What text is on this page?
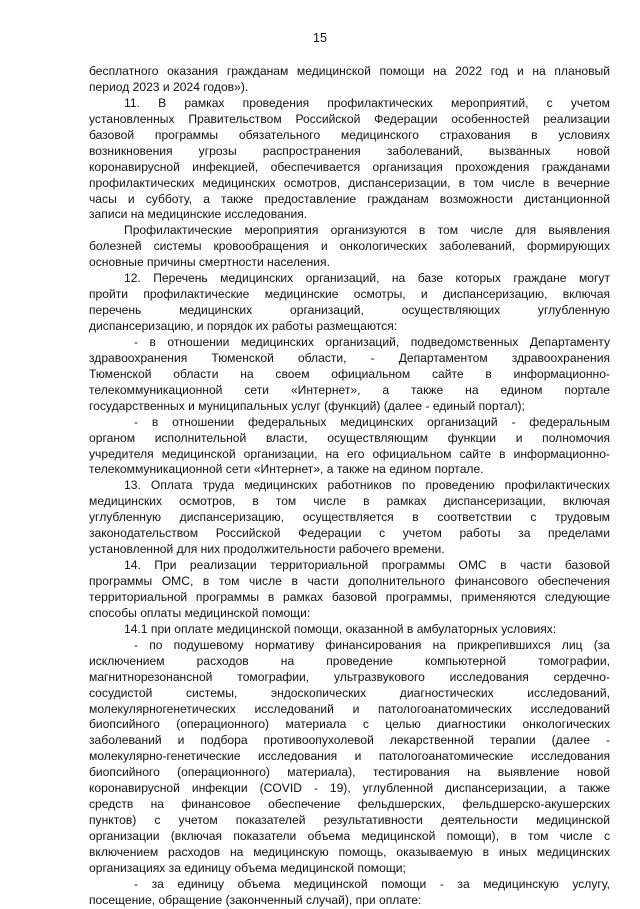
15
бесплатного оказания гражданам медицинской помощи на 2022 год и на плановый
период 2023 и 2024 годов»).
11. В рамках проведения профилактических мероприятий, с учетом
установленных Правительством Российской Федерации особенностей реализации
базовой программы обязательного медицинского страхования в условиях
возникновения угрозы распространения заболеваний, вызванных новой
коронавирусной инфекцией, обеспечивается организация прохождения гражданами
профилактических медицинских осмотров, диспансеризации, в том числе в вечерние
часы и субботу, а также предоставление гражданам возможности дистанционной
записи на медицинские исследования.
Профилактические мероприятия организуются в том числе для выявления
болезней системы кровообращения и онкологических заболеваний, формирующих
основные причины смертности населения.
12. Перечень медицинских организаций, на базе которых граждане могут
пройти профилактические медицинские осмотры, и диспансеризацию, включая
перечень медицинских организаций, осуществляющих углубленную
диспансеризацию, и порядок их работы размещаются:
- в отношении медицинских организаций, подведомственных Департаменту
здравоохранения Тюменской области, - Департаментом здравоохранения
Тюменской области на своем официальном сайте в информационно-
телекоммуникационной сети «Интернет», а также на едином портале
государственных и муниципальных услуг (функций) (далее - единый портал);
- в отношении федеральных медицинских организаций - федеральным
органом исполнительной власти, осуществляющим функции и полномочия
учредителя медицинской организации, на его официальном сайте в информационно-
телекоммуникационной сети «Интернет», а также на едином портале.
13. Оплата труда медицинских работников по проведению профилактических
медицинских осмотров, в том числе в рамках диспансеризации, включая
углубленную диспансеризацию, осуществляется в соответствии с трудовым
законодательством Российской Федерации с учетом работы за пределами
установленной для них продолжительности рабочего времени.
14. При реализации территориальной программы ОМС в части базовой
программы ОМС, в том числе в части дополнительного финансового обеспечения
территориальной программы в рамках базовой программы, применяются следующие
способы оплаты медицинской помощи:
14.1 при оплате медицинской помощи, оказанной в амбулаторных условиях:
- по подушевому нормативу финансирования на прикрепившихся лиц (за
исключением расходов на проведение компьютерной томографии,
магнитнорезонансной томографии, ультразвукового исследования сердечно-
сосудистой системы, эндоскопических диагностических исследований,
молекулярногенетических исследований и патологоанатомических исследований
биопсийного (операционного) материала с целью диагностики онкологических
заболеваний и подбора противоопухолевой лекарственной терапии (далее -
молекулярно-генетические исследования и патологоанатомические исследования
биопсийного (операционного) материала), тестирования на выявление новой
коронавирусной инфекции (COVID - 19), углубленной диспансеризации, а также
средств на финансовое обеспечение фельдшерских, фельдшерско-акушерских
пунктов) с учетом показателей результативности деятельности медицинской
организации (включая показатели объема медицинской помощи), в том числе с
включением расходов на медицинскую помощь, оказываемую в иных медицинских
организациях за единицу объема медицинской помощи;
- за единицу объема медицинской помощи - за медицинскую услугу,
посещение, обращение (законченный случай), при оплате:
